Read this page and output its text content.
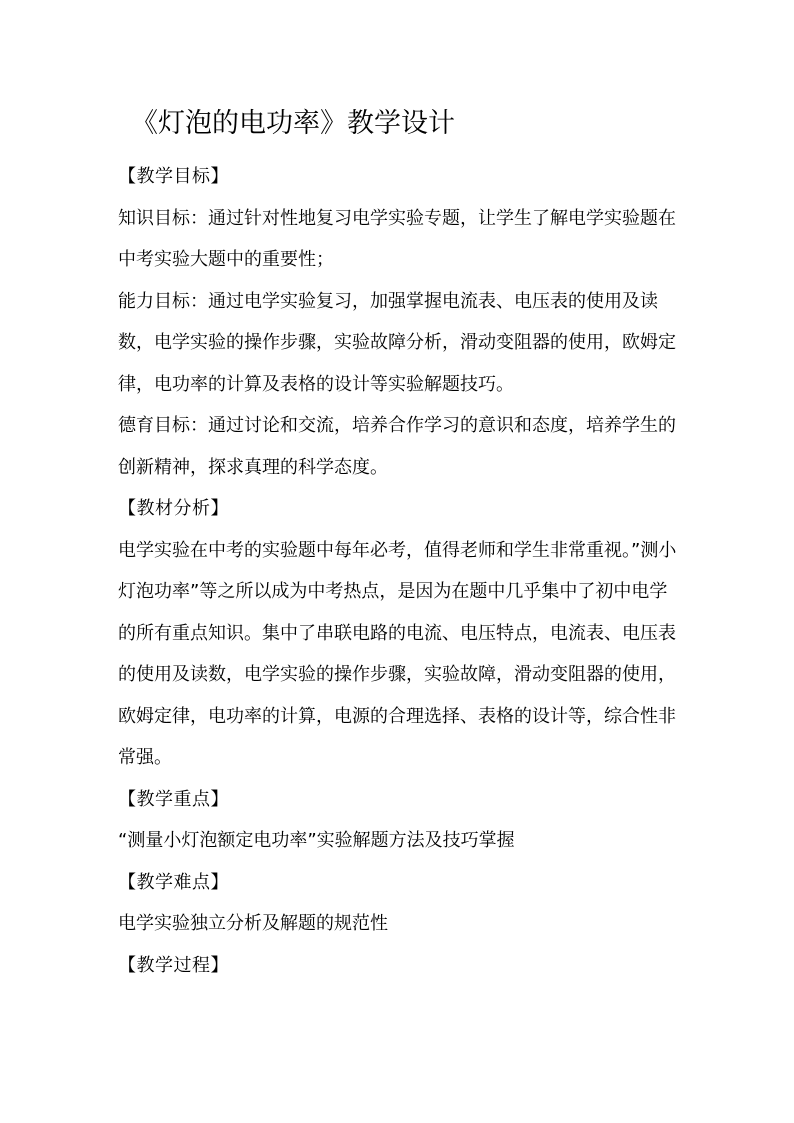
《灯泡的电功率》教学设计

【教学目标】

知识目标：通过针对性地复习电学实验专题，让学生了解电学实验题在中考实验大题中的重要性；

能力目标：通过电学实验复习，加强掌握电流表、电压表的使用及读数，电学实验的操作步骤，实验故障分析，滑动变阻器的使用，欧姆定律，电功率的计算及表格的设计等实验解题技巧。

德育目标：通过讨论和交流，培养合作学习的意识和态度，培养学生的创新精神，探求真理的科学态度。

【教材分析】

电学实验在中考的实验题中每年必考，值得老师和学生非常重视。”测小灯泡功率”等之所以成为中考热点，是因为在题中几乎集中了初中电学的所有重点知识。集中了串联电路的电流、电压特点，电流表、电压表的使用及读数，电学实验的操作步骤，实验故障，滑动变阻器的使用，欧姆定律，电功率的计算，电源的合理选择、表格的设计等，综合性非常强。

【教学重点】

“测量小灯泡额定电功率”实验解题方法及技巧掌握

【教学难点】

电学实验独立分析及解题的规范性

【教学过程】
